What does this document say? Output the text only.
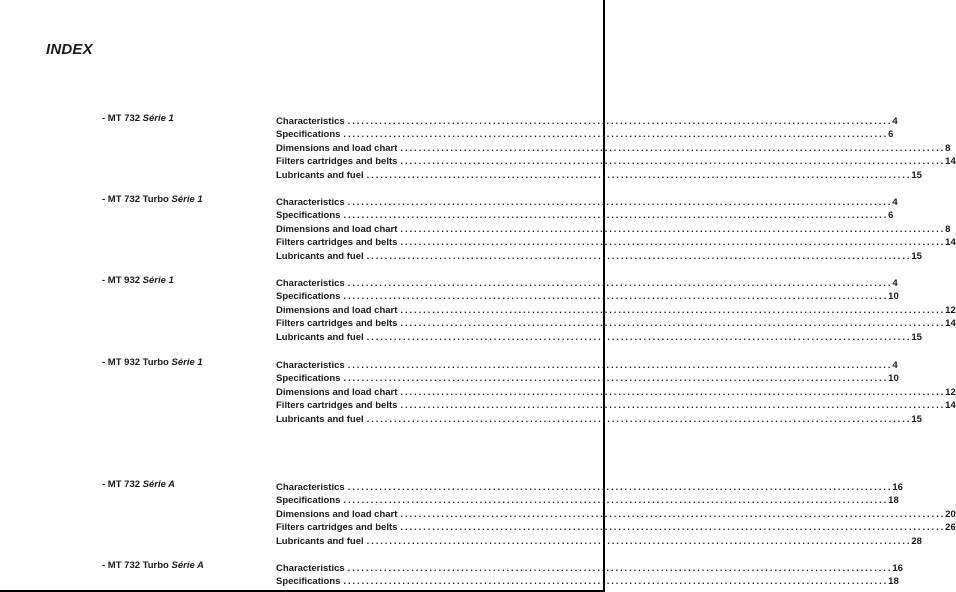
INDEX
- MT 732 Série 1	Characteristics ........................................................................................................................ 4
Specifications ........................................................................................................................ 6
Dimensions and load chart ........................................................................................................................ 8
Filters cartridges and belts ........................................................................................................................ 14
Lubricants and fuel ........................................................................................................................ 15
- MT 732 Turbo Série 1	Characteristics ........................................................................................................................ 4
Specifications ........................................................................................................................ 6
Dimensions and load chart ........................................................................................................................ 8
Filters cartridges and belts ........................................................................................................................ 14
Lubricants and fuel ........................................................................................................................ 15
- MT 932 Série 1	Characteristics ........................................................................................................................ 4
Specifications ........................................................................................................................ 10
Dimensions and load chart ........................................................................................................................ 12
Filters cartridges and belts ........................................................................................................................ 14
Lubricants and fuel ........................................................................................................................ 15
- MT 932 Turbo Série 1	Characteristics ........................................................................................................................ 4
Specifications ........................................................................................................................ 10
Dimensions and load chart ........................................................................................................................ 12
Filters cartridges and belts ........................................................................................................................ 14
Lubricants and fuel ........................................................................................................................ 15
- MT 732 Série A	Characteristics ........................................................................................................................ 16
Specifications ........................................................................................................................ 18
Dimensions and load chart ........................................................................................................................ 20
Filters cartridges and belts ........................................................................................................................ 26
Lubricants and fuel ........................................................................................................................ 28
- MT 732 Turbo Série A	Characteristics ........................................................................................................................ 16
Specifications ........................................................................................................................ 18
